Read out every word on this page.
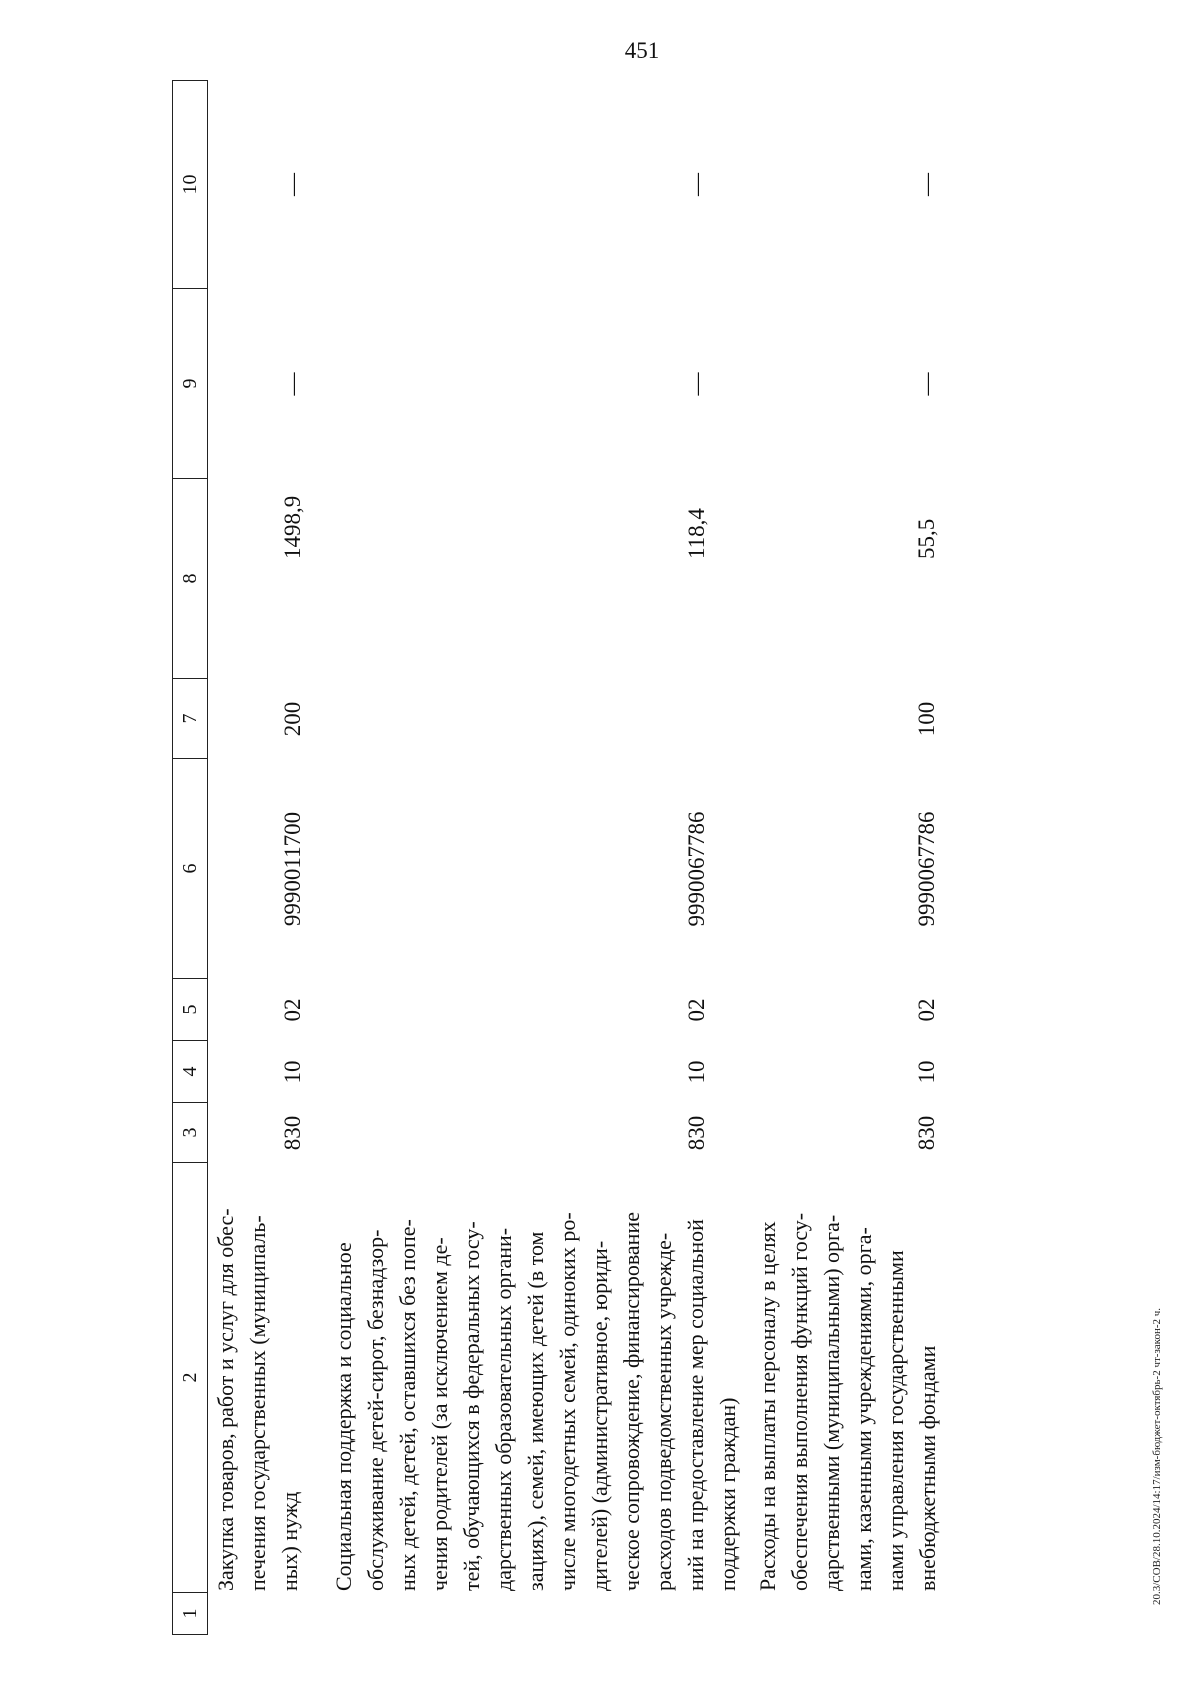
451
20.3/СОВ/28.10.2024/14:17/изм-бюджет-октябрь-2 чт-закон-2 ч.
1
2
3
4
5
6
7
8
9
10
Закупка товаров, работ и услуг для обес- печения государственных (муниципаль- ных) нужд
830
10
02
9990011700
200
1498,9
—
—
Социальная поддержка и социальное обслуживание детей-сирот, безнадзор- ных детей, детей, оставшихся без попе- чения родителей (за исключением де- тей, обучающихся в федеральных госу- дарственных образовательных органи- зациях), семей, имеющих детей (в том числе многодетных семей, одиноких ро- дителей) (административное, юриди- ческое сопровождение, финансирование расходов подведомственных учрежде- ний на предоставление мер социальной поддержки граждан)
830
10
02
9990067786
118,4
—
—
Расходы на выплаты персоналу в целях обеспечения выполнения функций госу- дарственными (муниципальными) орга- нами, казенными учреждениями, орга- нами управления государственными внебюджетными фондами
830
10
02
9990067786
100
55,5
—
—
